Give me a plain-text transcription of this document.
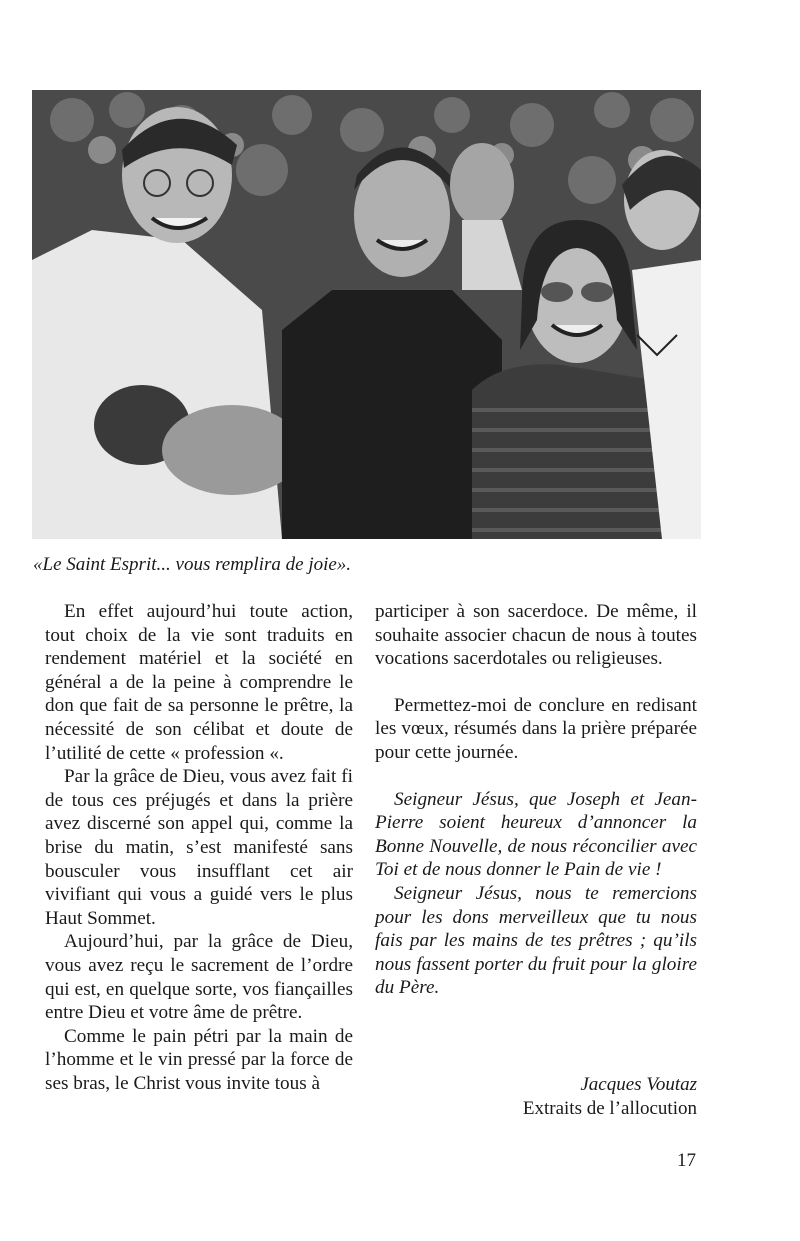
«Le Saint Esprit... vous remplira de joie».

En effet aujourd’hui toute action, tout choix de la vie sont traduits en rendement matériel et la société en général a de la peine à comprendre le don que fait de sa personne le prêtre, la nécessité de son célibat et doute de l’utilité de cette « profession «.

Par la grâce de Dieu, vous avez fait fi de tous ces préjugés et dans la prière avez discerné son appel qui, comme la brise du matin, s’est manifesté sans bousculer vous insufflant cet air vivifiant qui vous a guidé vers le plus Haut Sommet.

Aujourd’hui, par la grâce de Dieu, vous avez reçu le sacrement de l’ordre qui est, en quelque sorte, vos fiançailles entre Dieu et votre âme de prêtre.

Comme le pain pétri par la main de l’homme et le vin pressé par la force de ses bras, le Christ vous invite tous à

participer à son sacerdoce. De même, il souhaite associer chacun de nous à toutes vocations sacerdotales ou religieuses.

Permettez-moi de conclure en redisant les vœux, résumés dans la prière préparée pour cette journée.

Seigneur Jésus, que Joseph et Jean-Pierre soient heureux d’annoncer la Bonne Nouvelle, de nous réconcilier avec Toi et de nous donner le Pain de vie !

Seigneur Jésus, nous te remercions pour les dons merveilleux que tu nous fais par les mains de tes prêtres ; qu’ils nous fassent porter du fruit pour la gloire du Père.

Jacques Voutaz
Extraits de l’allocution
17
